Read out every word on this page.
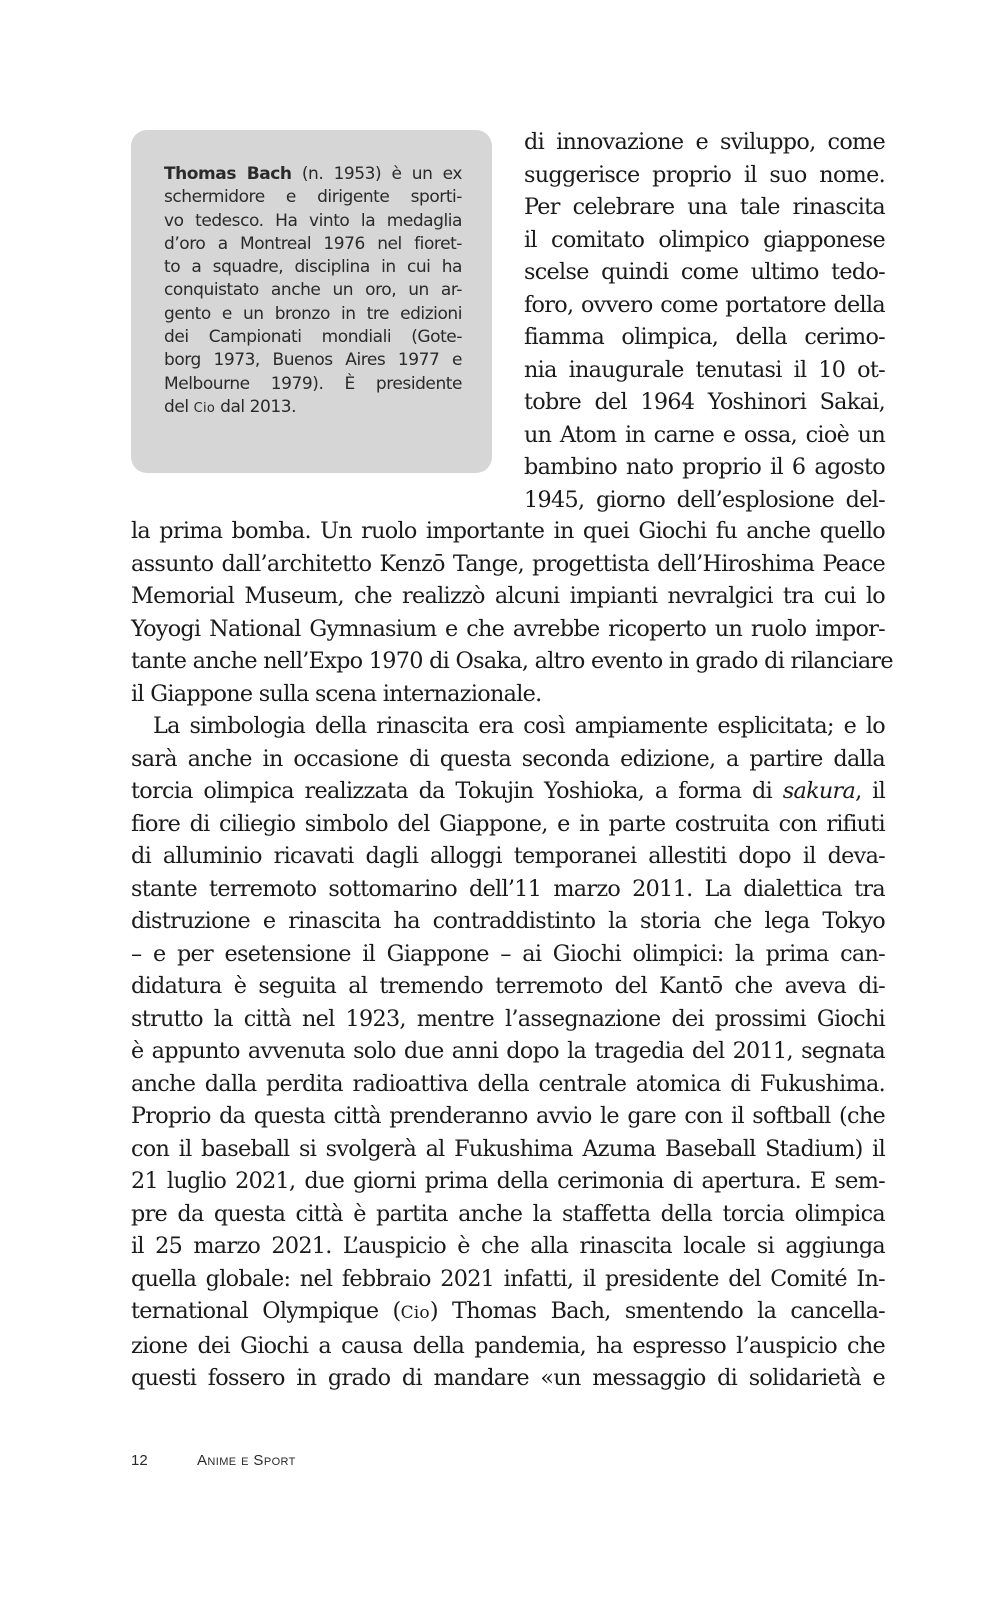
Thomas Bach (n. 1953) è un ex
schermidore e dirigente sporti-
vo tedesco. Ha vinto la medaglia
d’oro a Montreal 1976 nel fioret-
to a squadre, disciplina in cui ha
conquistato anche un oro, un ar-
gento e un bronzo in tre edizioni
dei Campionati mondiali (Gote-
borg 1973, Buenos Aires 1977 e
Melbourne 1979). È presidente
del Cio dal 2013.
di innovazione e sviluppo, come
suggerisce proprio il suo nome.
Per celebrare una tale rinascita
il comitato olimpico giapponese
scelse quindi come ultimo tedo-
foro, ovvero come portatore della
fiamma olimpica, della cerimo-
nia inaugurale tenutasi il 10 ot-
tobre del 1964 Yoshinori Sakai,
un Atom in carne e ossa, cioè un
bambino nato proprio il 6 agosto
1945, giorno dell’esplosione del-
la prima bomba. Un ruolo importante in quei Giochi fu anche quello
assunto dall’architetto Kenzō Tange, progettista dell’Hiroshima Peace
Memorial Museum, che realizzò alcuni impianti nevralgici tra cui lo
Yoyogi National Gymnasium e che avrebbe ricoperto un ruolo impor-
tante anche nell’Expo 1970 di Osaka, altro evento in grado di rilanciare
il Giappone sulla scena internazionale.
La simbologia della rinascita era così ampiamente esplicitata; e lo
sarà anche in occasione di questa seconda edizione, a partire dalla
torcia olimpica realizzata da Tokujin Yoshioka, a forma di sakura, il
fiore di ciliegio simbolo del Giappone, e in parte costruita con rifiuti
di alluminio ricavati dagli alloggi temporanei allestiti dopo il deva-
stante terremoto sottomarino dell’11 marzo 2011. La dialettica tra
distruzione e rinascita ha contraddistinto la storia che lega Tokyo
– e per esetensione il Giappone – ai Giochi olimpici: la prima can-
didatura è seguita al tremendo terremoto del Kantō che aveva di-
strutto la città nel 1923, mentre l’assegnazione dei prossimi Giochi
è appunto avvenuta solo due anni dopo la tragedia del 2011, segnata
anche dalla perdita radioattiva della centrale atomica di Fukushima.
Proprio da questa città prenderanno avvio le gare con il softball (che
con il baseball si svolgerà al Fukushima Azuma Baseball Stadium) il
21 luglio 2021, due giorni prima della cerimonia di apertura. E sem-
pre da questa città è partita anche la staffetta della torcia olimpica
il 25 marzo 2021. L’auspicio è che alla rinascita locale si aggiunga
quella globale: nel febbraio 2021 infatti, il presidente del Comité In-
ternational Olympique (Cio) Thomas Bach, smentendo la cancella-
zione dei Giochi a causa della pandemia, ha espresso l’auspicio che
questi fossero in grado di mandare «un messaggio di solidarietà e
12	ANIME E SPORT
